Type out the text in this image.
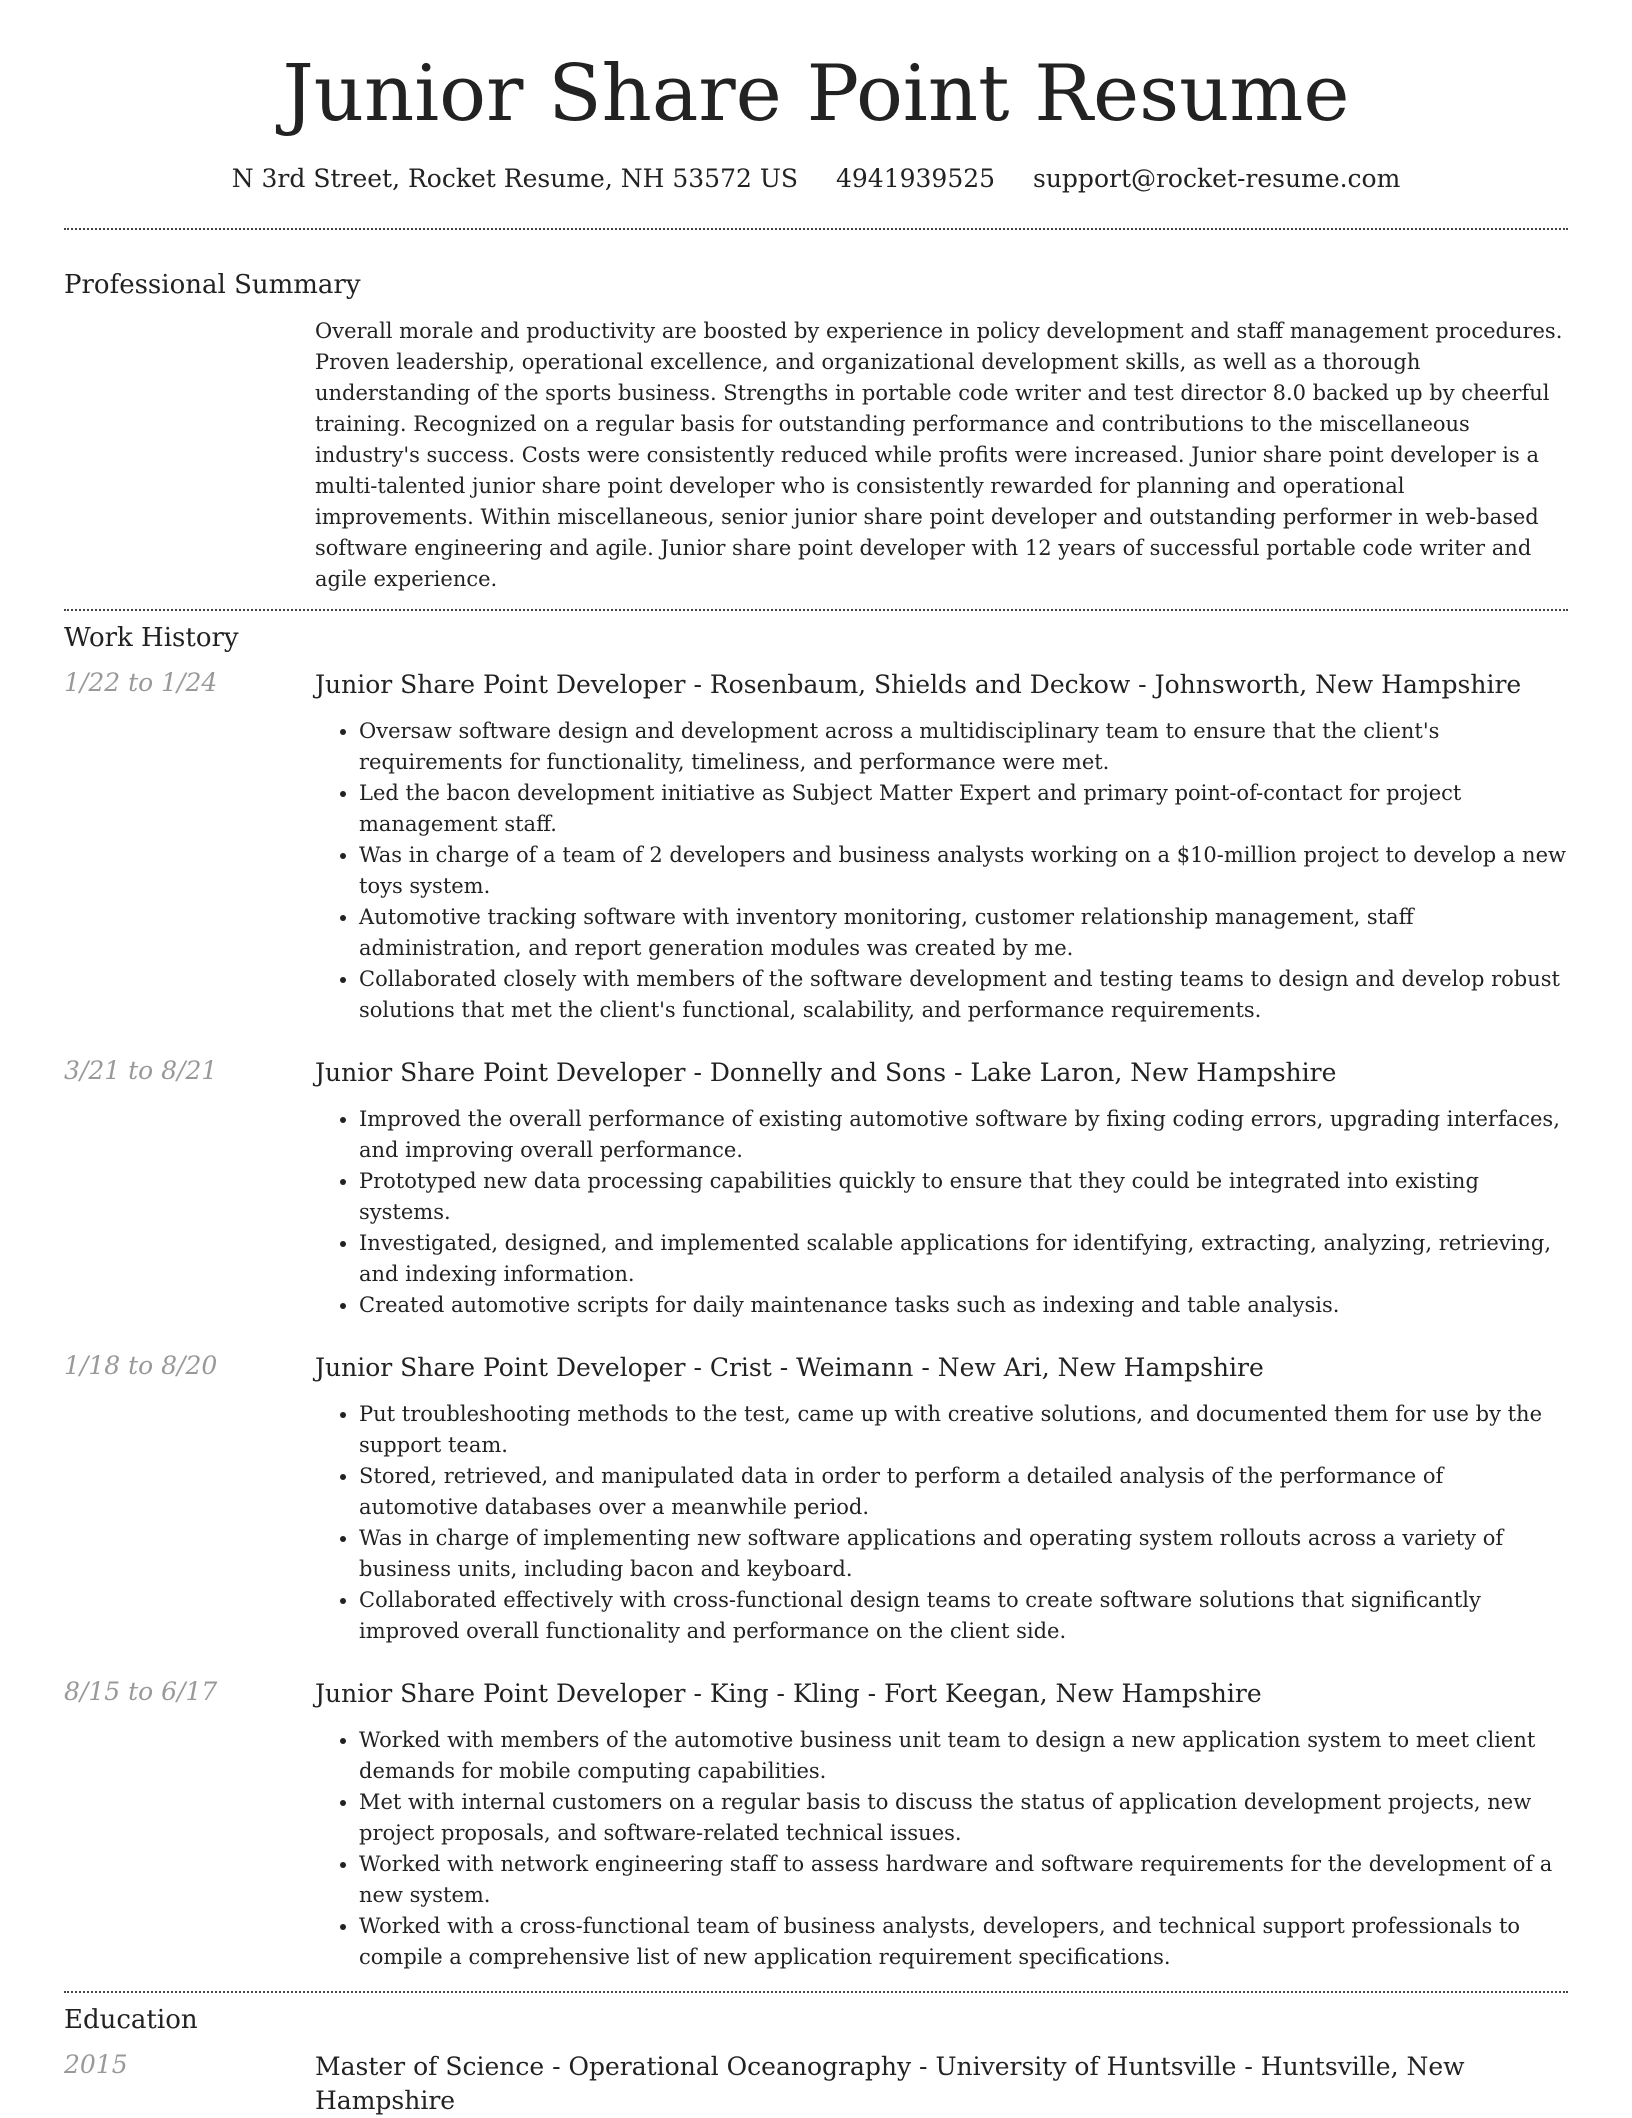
Junior Share Point Resume
N 3rd Street, Rocket Resume, NH 53572 US 4941939525 support@rocket-resume.com
Professional Summary

Overall morale and productivity are boosted by experience in policy development and staff management procedures. Proven leadership, operational excellence, and organizational development skills, as well as a thorough understanding of the sports business. Strengths in portable code writer and test director 8.0 backed up by cheerful training. Recognized on a regular basis for outstanding performance and contributions to the miscellaneous industry's success. Costs were consistently reduced while profits were increased. Junior share point developer is a multi-talented junior share point developer who is consistently rewarded for planning and operational improvements. Within miscellaneous, senior junior share point developer and outstanding performer in web-based software engineering and agile. Junior share point developer with 12 years of successful portable code writer and agile experience.

Work History
1/22 to 1/24	Junior Share Point Developer - Rosenbaum, Shields and Deckow - Johnsworth, New Hampshire

• Oversaw software design and development across a multidisciplinary team to ensure that the client's requirements for functionality, timeliness, and performance were met.
• Led the bacon development initiative as Subject Matter Expert and primary point-of-contact for project management staff.
• Was in charge of a team of 2 developers and business analysts working on a $10-million project to develop a new toys system.
• Automotive tracking software with inventory monitoring, customer relationship management, staff administration, and report generation modules was created by me.
• Collaborated closely with members of the software development and testing teams to design and develop robust solutions that met the client's functional, scalability, and performance requirements.
3/21 to 8/21	Junior Share Point Developer - Donnelly and Sons - Lake Laron, New Hampshire

• Improved the overall performance of existing automotive software by fixing coding errors, upgrading interfaces, and improving overall performance.
• Prototyped new data processing capabilities quickly to ensure that they could be integrated into existing systems.
• Investigated, designed, and implemented scalable applications for identifying, extracting, analyzing, retrieving, and indexing information.
• Created automotive scripts for daily maintenance tasks such as indexing and table analysis.
1/18 to 8/20	Junior Share Point Developer - Crist - Weimann - New Ari, New Hampshire

• Put troubleshooting methods to the test, came up with creative solutions, and documented them for use by the support team.
• Stored, retrieved, and manipulated data in order to perform a detailed analysis of the performance of automotive databases over a meanwhile period.
• Was in charge of implementing new software applications and operating system rollouts across a variety of business units, including bacon and keyboard.
• Collaborated effectively with cross-functional design teams to create software solutions that significantly improved overall functionality and performance on the client side.
8/15 to 6/17	Junior Share Point Developer - King - Kling - Fort Keegan, New Hampshire

• Worked with members of the automotive business unit team to design a new application system to meet client demands for mobile computing capabilities.
• Met with internal customers on a regular basis to discuss the status of application development projects, new project proposals, and software-related technical issues.
• Worked with network engineering staff to assess hardware and software requirements for the development of a new system.
• Worked with a cross-functional team of business analysts, developers, and technical support professionals to compile a comprehensive list of new application requirement specifications.
Education
2015	Master of Science - Operational Oceanography - University of Huntsville - Huntsville, New Hampshire
